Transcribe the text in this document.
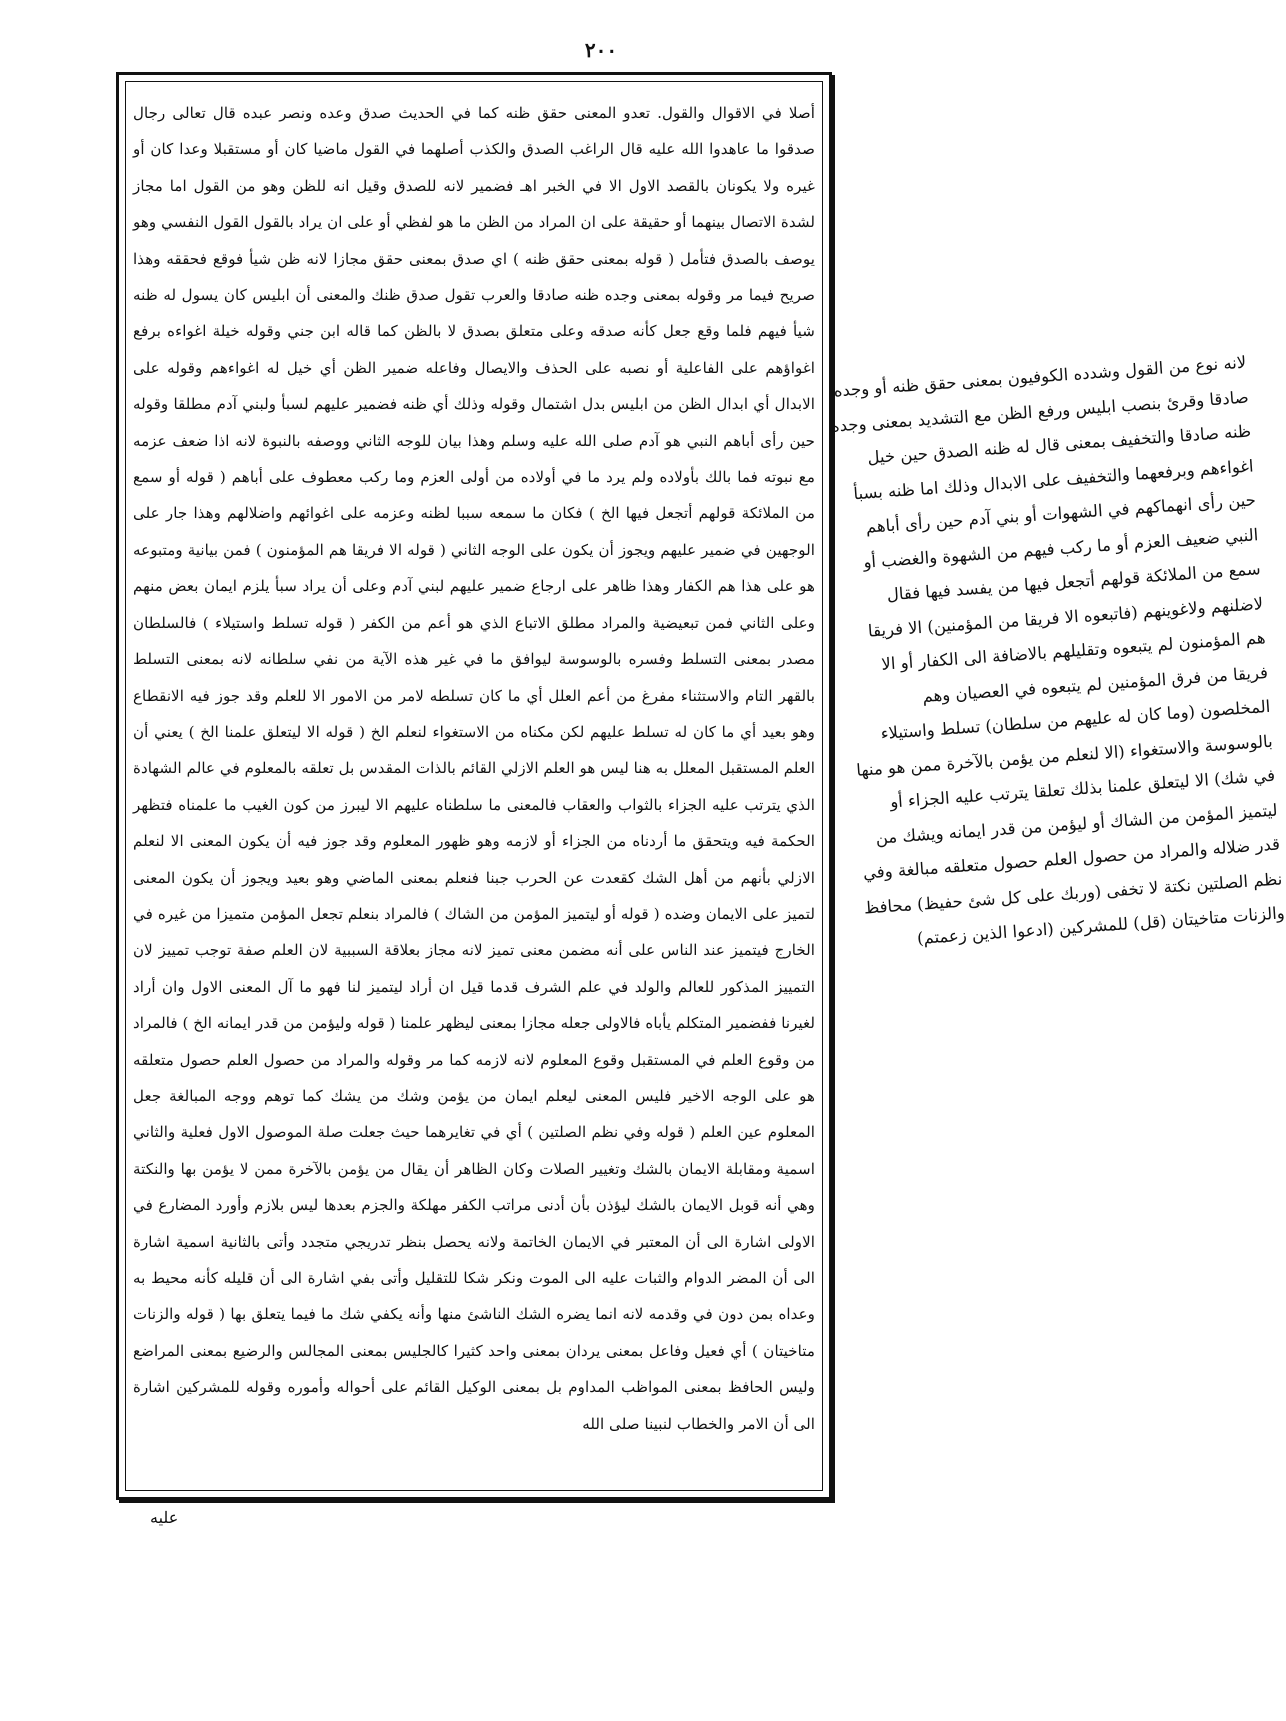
٢٠٠

أصلا في الاقوال والقول. تعدو المعنى حقق ظنه كما في الحديث صدق وعده ونصر عبده قال تعالى رجال صدقوا ما عاهدوا الله عليه قال الراغب الصدق والكذب أصلهما في القول ماضيا كان أو مستقبلا وعدا كان أو غيره ولا يكونان بالقصد الاول الا في الخبر اهـ فضمير لانه للصدق وقيل انه للظن وهو من القول اما مجاز لشدة الاتصال بينهما أو حقيقة على ان المراد من الظن ما هو لفظي أو على ان يراد بالقول القول النفسي وهو يوصف بالصدق فتأمل ( قوله بمعنى حقق ظنه ) اي صدق بمعنى حقق مجازا لانه ظن شيأ فوقع فحققه وهذا صريح فيما مر وقوله بمعنى وجده ظنه صادقا والعرب تقول صدق ظنك والمعنى أن ابليس كان يسول له ظنه شيأ فيهم فلما وقع جعل كأنه صدقه وعلى متعلق بصدق لا بالظن كما قاله ابن جني وقوله خيلة اغواءه برفع اغواؤهم على الفاعلية أو نصبه على الحذف والايصال وفاعله ضمير الظن أي خيل له اغواءهم وقوله على الابدال أي ابدال الظن من ابليس بدل اشتمال وقوله وذلك أي ظنه فضمير عليهم لسبأ ولبني آدم مطلقا وقوله حين رأى أباهم النبي هو آدم صلى الله عليه وسلم وهذا بيان للوجه الثاني ووصفه بالنبوة لانه اذا ضعف عزمه مع نبوته فما بالك بأولاده ولم يرد ما في أولاده من أولى العزم وما ركب معطوف على أباهم ( قوله أو سمع من الملائكة قولهم أتجعل فيها الخ ) فكان ما سمعه سببا لظنه وعزمه على اغوائهم واضلالهم وهذا جار على الوجهين في ضمير عليهم ويجوز أن يكون على الوجه الثاني ( قوله الا فريقا هم المؤمنون ) فمن بيانية ومتبوعه هو على هذا هم الكفار وهذا ظاهر على ارجاع ضمير عليهم لبني آدم وعلى أن يراد سبأ يلزم ايمان بعض منهم وعلى الثاني فمن تبعيضية والمراد مطلق الاتباع الذي هو أعم من الكفر ( قوله تسلط واستيلاء ) فالسلطان مصدر بمعنى التسلط وفسره بالوسوسة ليوافق ما في غير هذه الآية من نفي سلطانه لانه بمعنى التسلط بالقهر التام والاستثناء مفرغ من أعم العلل أي ما كان تسلطه لامر من الامور الا للعلم وقد جوز فيه الانقطاع وهو بعيد أي ما كان له تسلط عليهم لكن مكناه من الاستغواء لنعلم الخ ( قوله الا ليتعلق علمنا الخ ) يعني أن العلم المستقبل المعلل به هنا ليس هو العلم الازلي القائم بالذات المقدس بل تعلقه بالمعلوم في عالم الشهادة الذي يترتب عليه الجزاء بالثواب والعقاب فالمعنى ما سلطناه عليهم الا ليبرز من كون الغيب ما علمناه فتظهر الحكمة فيه ويتحقق ما أردناه من الجزاء أو لازمه وهو ظهور المعلوم وقد جوز فيه أن يكون المعنى الا لنعلم الازلي بأنهم من أهل الشك كقعدت عن الحرب جبنا فنعلم بمعنى الماضي وهو بعيد ويجوز أن يكون المعنى لتميز على الايمان وضده ( قوله أو ليتميز المؤمن من الشاك ) فالمراد بنعلم تجعل المؤمن متميزا من غيره في الخارج فيتميز عند الناس على أنه مضمن معنى تميز لانه مجاز بعلاقة السببية لان العلم صفة توجب تمييز لان التمييز المذكور للعالم والولد في علم الشرف قدما قيل ان أراد ليتميز لنا فهو ما آل المعنى الاول وان أراد لغيرنا ففضمير المتكلم يأباه فالاولى جعله مجازا بمعنى ليظهر علمنا ( قوله وليؤمن من قدر ايمانه الخ ) فالمراد من وقوع العلم في المستقبل وقوع المعلوم لانه لازمه كما مر وقوله والمراد من حصول العلم حصول متعلقه هو على الوجه الاخير فليس المعنى ليعلم ايمان من يؤمن وشك من يشك كما توهم ووجه المبالغة جعل المعلوم عين العلم ( قوله وفي نظم الصلتين ) أي في تغايرهما حيث جعلت صلة الموصول الاول فعلية والثاني اسمية ومقابلة الايمان بالشك وتغيير الصلات وكان الظاهر أن يقال من يؤمن بالآخرة ممن لا يؤمن بها والنكتة وهي أنه قوبل الايمان بالشك ليؤذن بأن أدنى مراتب الكفر مهلكة والجزم بعدها ليس بلازم وأورد المضارع في الاولى اشارة الى أن المعتبر في الايمان الخاتمة ولانه يحصل بنظر تدريجي متجدد وأتى بالثانية اسمية اشارة الى أن المضر الدوام والثبات عليه الى الموت ونكر شكا للتقليل وأتى بفي اشارة الى أن قليله كأنه محيط به وعداه بمن دون في وقدمه لانه انما يضره الشك الناشئ منها وأنه يكفي شك ما فيما يتعلق بها ( قوله والزنات متاخيتان ) أي فعيل وفاعل بمعنى يردان بمعنى واحد كثيرا كالجليس بمعنى المجالس والرضيع بمعنى المراضع وليس الحافظ بمعنى المواظب المداوم بل بمعنى الوكيل القائم على أحواله وأموره وقوله للمشركين اشارة الى أن الامر والخطاب لنبينا صلى الله

لانه نوع من القول وشدده الكوفيون بمعنى حقق ظنه أو وجده صادقا وقرئ بنصب ابليس ورفع الظن مع التشديد بمعنى وجده ظنه صادقا والتخفيف بمعنى قال له ظنه الصدق حين خيل اغواءهم وبرفعهما والتخفيف على الابدال وذلك اما ظنه بسبأ حين رأى انهماكهم في الشهوات أو بني آدم حين رأى أباهم النبي ضعيف العزم أو ما ركب فيهم من الشهوة والغضب أو سمع من الملائكة قولهم أتجعل فيها من يفسد فيها فقال لاضلنهم ولاغوينهم (فاتبعوه الا فريقا من المؤمنين) الا فريقا هم المؤمنون لم يتبعوه وتقليلهم بالاضافة الى الكفار أو الا فريقا من فرق المؤمنين لم يتبعوه في العصيان وهم المخلصون (وما كان له عليهم من سلطان) تسلط واستيلاء بالوسوسة والاستغواء (الا لنعلم من يؤمن بالآخرة ممن هو منها في شك) الا ليتعلق علمنا بذلك تعلقا يترتب عليه الجزاء أو ليتميز المؤمن من الشاك أو ليؤمن من قدر ايمانه ويشك من قدر ضلاله والمراد من حصول العلم حصول متعلقه مبالغة وفي نظم الصلتين نكتة لا تخفى (وربك على كل شئ حفيظ) محافظ والزنات متاخيتان (قل) للمشركين (ادعوا الذين زعمتم)

عليه
